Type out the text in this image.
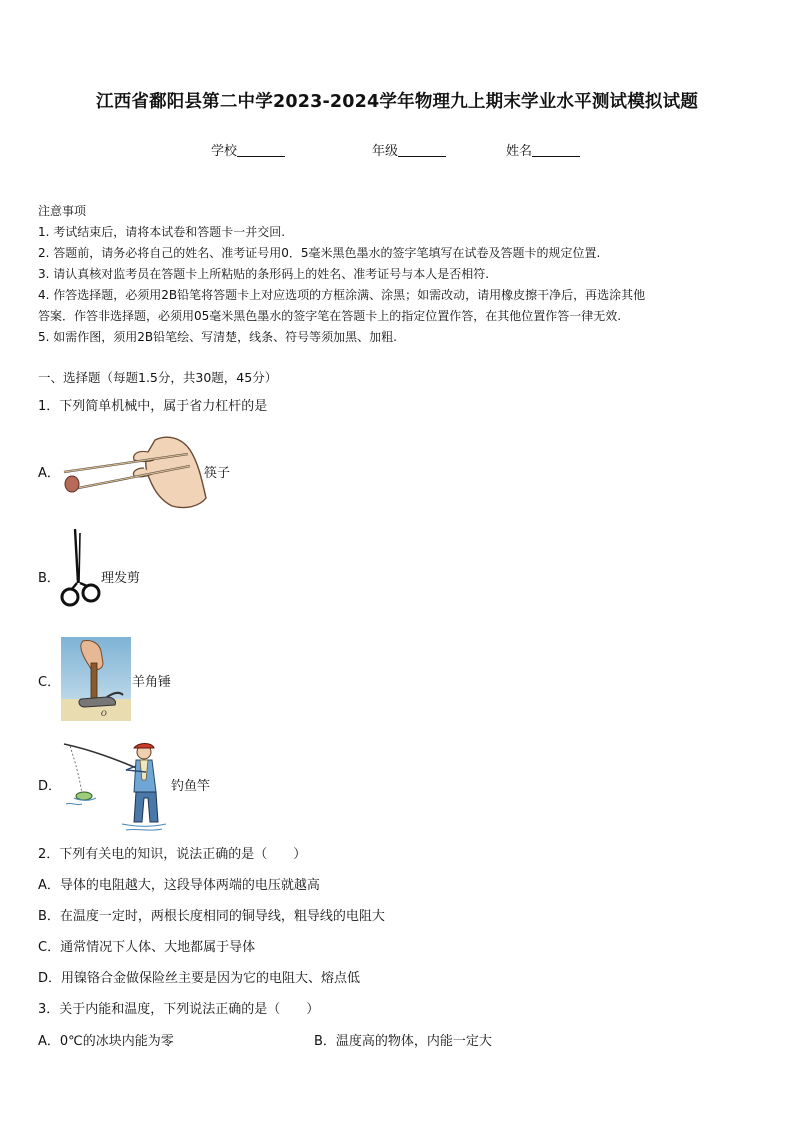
江西省鄱阳县第二中学2023-2024学年物理九上期末学业水平测试模拟试题
学校	年级	姓名
注意事项
1. 考试结束后，请将本试卷和答题卡一并交回.
2. 答题前，请务必将自己的姓名、准考证号用0．5毫米黑色墨水的签字笔填写在试卷及答题卡的规定位置.
3. 请认真核对监考员在答题卡上所粘贴的条形码上的姓名、准考证号与本人是否相符.
4. 作答选择题，必须用2B铅笔将答题卡上对应选项的方框涂满、涂黑；如需改动，请用橡皮擦干净后，再选涂其他
答案．作答非选择题，必须用05毫米黑色墨水的签字笔在答题卡上的指定位置作答，在其他位置作答一律无效.
5. 如需作图，须用2B铅笔绘、写清楚，线条、符号等须加黑、加粗.
一、选择题（每题1.5分，共30题，45分）
1．下列简单机械中，属于省力杠杆的是
A．	筷子
B．	理发剪
C．
O
羊角锤
D．	钓鱼竿
2．下列有关电的知识，说法正确的是（　　）
A．导体的电阻越大，这段导体两端的电压就越高
B．在温度一定时，两根长度相同的铜导线，粗导线的电阻大
C．通常情况下人体、大地都属于导体
D．用镍铬合金做保险丝主要是因为它的电阻大、熔点低
3．关于内能和温度，下列说法正确的是（　　）
A．0℃的冰块内能为零	B．温度高的物体，内能一定大
